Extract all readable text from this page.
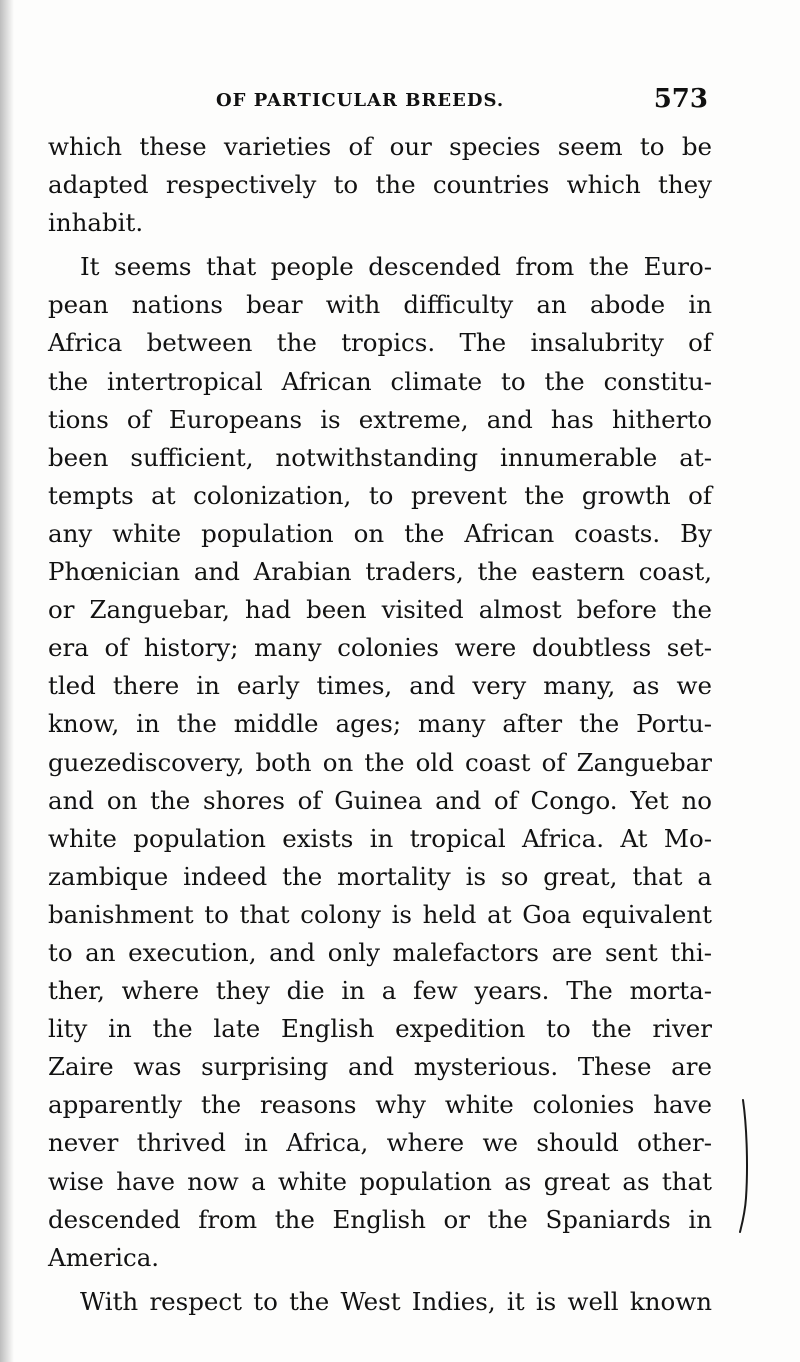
OF PARTICULAR BREEDS.	573
which these varieties of our species seem to be
adapted respectively to the countries which they
inhabit.
It seems that people descended from the Euro-
pean nations bear with difficulty an abode in
Africa between the tropics. The insalubrity of
the intertropical African climate to the constitu-
tions of Europeans is extreme, and has hitherto
been sufficient, notwithstanding innumerable at-
tempts at colonization, to prevent the growth of
any white population on the African coasts. By
Phœnician and Arabian traders, the eastern coast,
or Zanguebar, had been visited almost before the
era of history; many colonies were doubtless set-
tled there in early times, and very many, as we
know, in the middle ages; many after the Portu-
guezediscovery, both on the old coast of Zanguebar
and on the shores of Guinea and of Congo. Yet no
white population exists in tropical Africa. At Mo-
zambique indeed the mortality is so great, that a
banishment to that colony is held at Goa equivalent
to an execution, and only malefactors are sent thi-
ther, where they die in a few years. The morta-
lity in the late English expedition to the river
Zaire was surprising and mysterious. These are
apparently the reasons why white colonies have
never thrived in Africa, where we should other-
wise have now a white population as great as that
descended from the English or the Spaniards in
America.
With respect to the West Indies, it is well known
